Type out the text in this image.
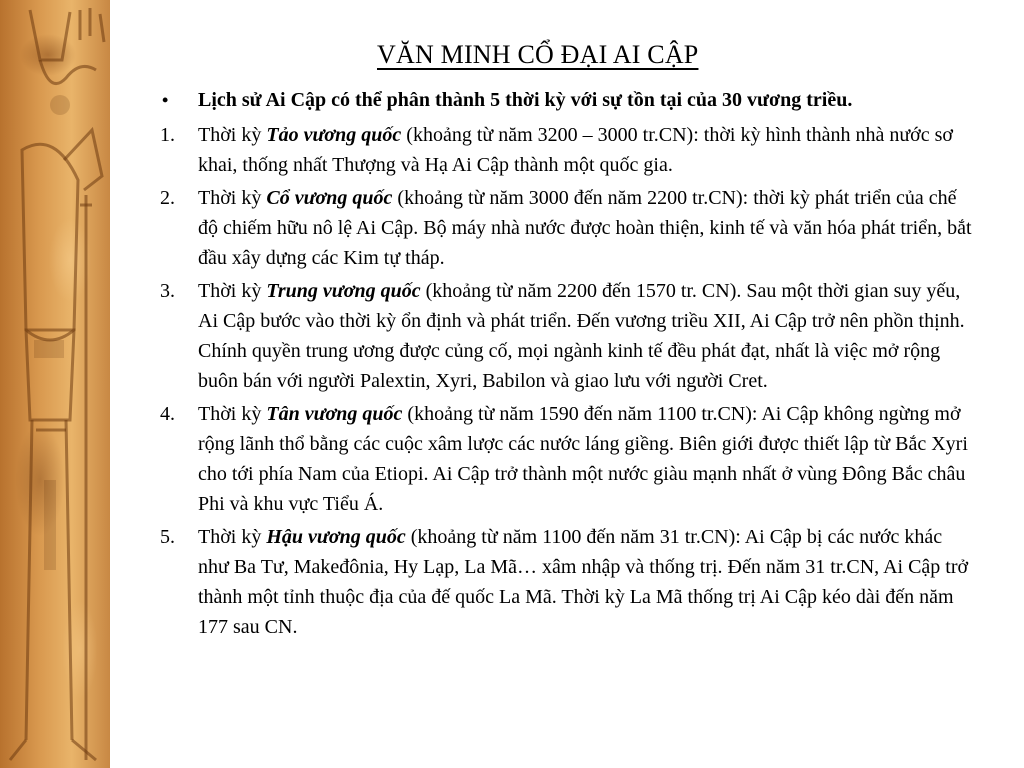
VĂN MINH CỔ ĐẠI AI CẬP
• Lịch sử Ai Cập có thể phân thành 5 thời kỳ với sự tồn tại của 30 vương triều.
1. Thời kỳ Tảo vương quốc (khoảng từ năm 3200 – 3000 tr.CN): thời kỳ hình thành nhà nước sơ khai, thống nhất Thượng và Hạ Ai Cập thành một quốc gia.
2. Thời kỳ Cổ vương quốc (khoảng từ năm 3000 đến năm 2200 tr.CN): thời kỳ phát triển của chế độ chiếm hữu nô lệ Ai Cập. Bộ máy nhà nước được hoàn thiện, kinh tế và văn hóa phát triển, bắt đầu xây dựng các Kim tự tháp.
3. Thời kỳ Trung vương quốc (khoảng từ năm 2200 đến 1570 tr. CN). Sau một thời gian suy yếu, Ai Cập bước vào thời kỳ ổn định và phát triển. Đến vương triều XII, Ai Cập trở nên phồn thịnh. Chính quyền trung ương được củng cố, mọi ngành kinh tế đều phát đạt, nhất là việc mở rộng buôn bán với người Palextin, Xyri, Babilon và giao lưu với người Cret.
4. Thời kỳ Tân vương quốc (khoảng từ năm 1590 đến năm 1100 tr.CN): Ai Cập không ngừng mở rộng lãnh thổ bằng các cuộc xâm lược các nước láng giềng. Biên giới được thiết lập từ Bắc Xyri cho tới phía Nam của Etiopi. Ai Cập trở thành một nước giàu mạnh nhất ở vùng Đông Bắc châu Phi và khu vực Tiểu Á.
5. Thời kỳ Hậu vương quốc (khoảng từ năm 1100 đến năm 31 tr.CN): Ai Cập bị các nước khác như Ba Tư, Makeđônia, Hy Lạp, La Mã… xâm nhập và thống trị. Đến năm 31 tr.CN, Ai Cập trở thành một tỉnh thuộc địa của đế quốc La Mã. Thời kỳ La Mã thống trị Ai Cập kéo dài đến năm 177 sau CN.
